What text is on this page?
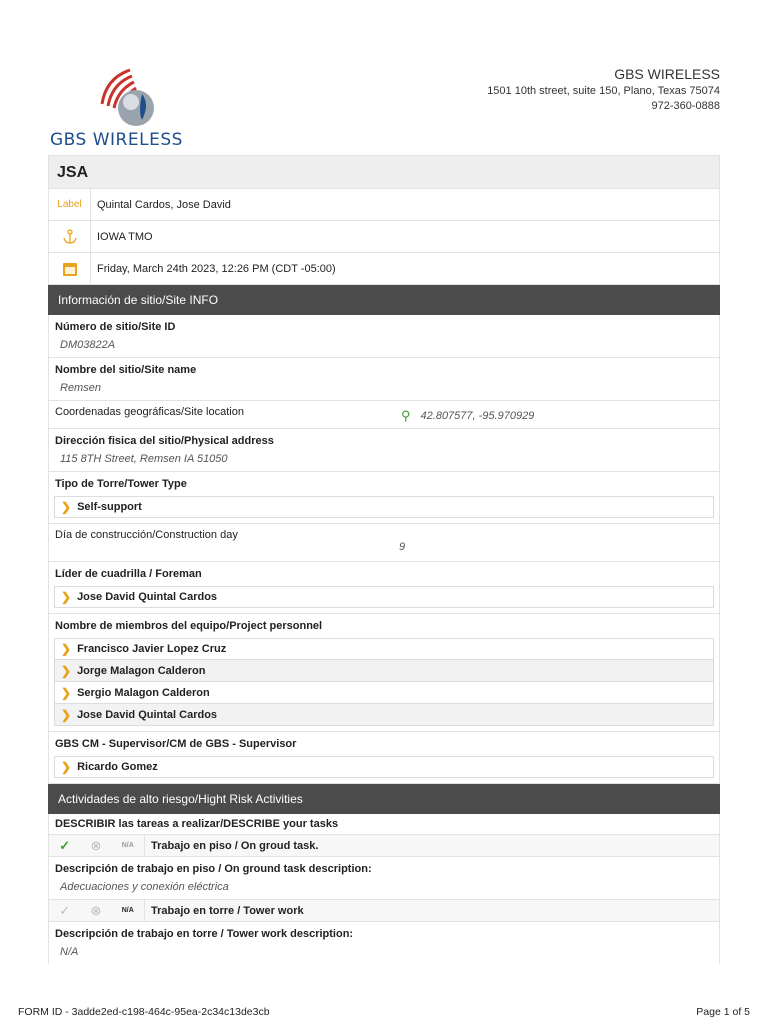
GBS WIRELESS
GBS WIRELESS
1501 10th street, suite 150, Plano, Texas 75074
972-360-0888
JSA
Label	Quintal Cardos, Jose David
IOWA TMO
Friday, March 24th 2023, 12:26 PM (CDT -05:00)
Información de sitio/Site INFO
Número de sitio/Site ID
DM03822A
Nombre del sitio/Site name
Remsen
Coordenadas geográficas/Site location	⚲ 42.807577, -95.970929
Dirección fisica del sitio/Physical address
115 8TH Street, Remsen IA 51050
Tipo de Torre/Tower Type
❯ Self-support
Día de construcción/Construction day
9
Líder de cuadrilla / Foreman
❯ Jose David Quintal Cardos
Nombre de miembros del equipo/Project personnel
❯ Francisco Javier Lopez Cruz
❯ Jorge Malagon Calderon
❯ Sergio Malagon Calderon
❯ Jose David Quintal Cardos
GBS CM - Supervisor/CM de GBS - Supervisor
❯ Ricardo Gomez
Actividades de alto riesgo/Hight Risk Activities
DESCRIBIR las tareas a realizar/DESCRIBE your tasks
✓ ⊗	N/A	Trabajo en piso / On groud task.
Descripción de trabajo en piso / On ground task description:
Adecuaciones y conexión eléctrica
✓ ⊗	N/A	Trabajo en torre / Tower work
Descripción de trabajo en torre / Tower work description:
N/A
FORM ID - 3adde2ed-c198-464c-95ea-2c34c13de3cb	Page 1 of 5
